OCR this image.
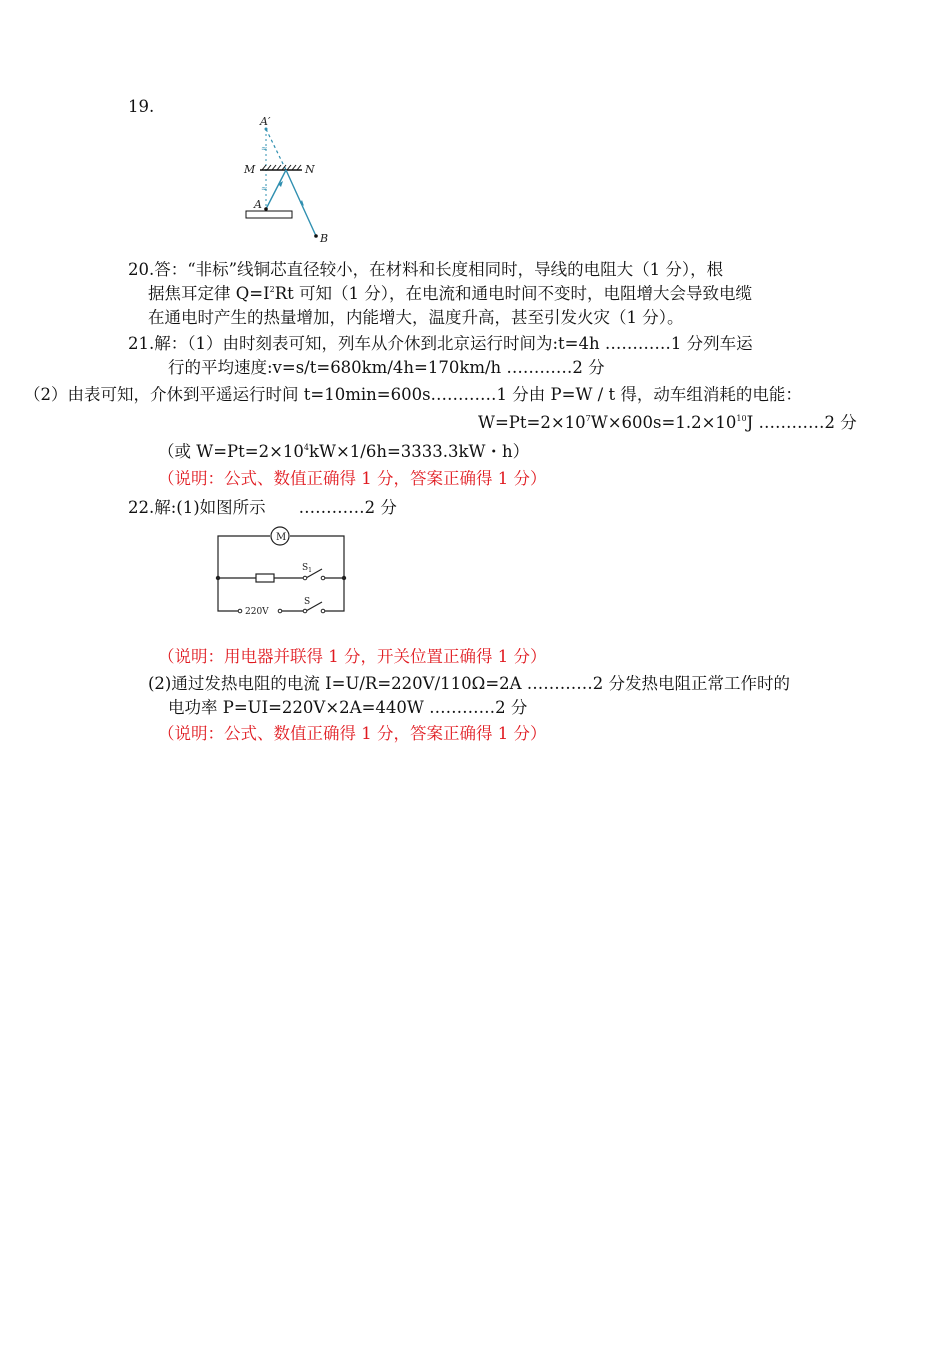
19.
≈
≈
A′
M	N
A
B
20.答：“非标”线铜芯直径较小，在材料和长度相同时，导线的电阻大（1 分），根
据焦耳定律 $Q=I^2Rt$ 可知（1 分），在电流和通电时间不变时，电阻增大会导致电缆
在通电时产生的热量增加，内能增大，温度升高，甚至引发火灾（1 分）。
21.解：（1）由时刻表可知，列车从介休到北京运行时间为:t=4h …………1 分列车运
行的平均速度:v=s/t=680km/4h=170km/h …………2 分
（2）由表可知，介休到平遥运行时间 t=10min=600s…………1 分由 P=W / t 得，动车组消耗的电能：
$W=Pt=2\times 10^7W\times 600s=1.2\times 10^{10}J$ …………2 分
（或 $W=Pt=2\times 10^4kW\times 1/6h=3333.3kW$・h）
（说明：公式、数值正确得 1 分，答案正确得 1 分）
22.解:(1)如图所示　　…………2 分
M
$S_1$
S
220V
（说明：用电器并联得 1 分，开关位置正确得 1 分）
(2)通过发热电阻的电流 I=U/R=220V/110Ω=2A …………2 分发热电阻正常工作时的
电功率 P=UI=220V×2A=440W …………2 分
（说明：公式、数值正确得 1 分，答案正确得 1 分）
